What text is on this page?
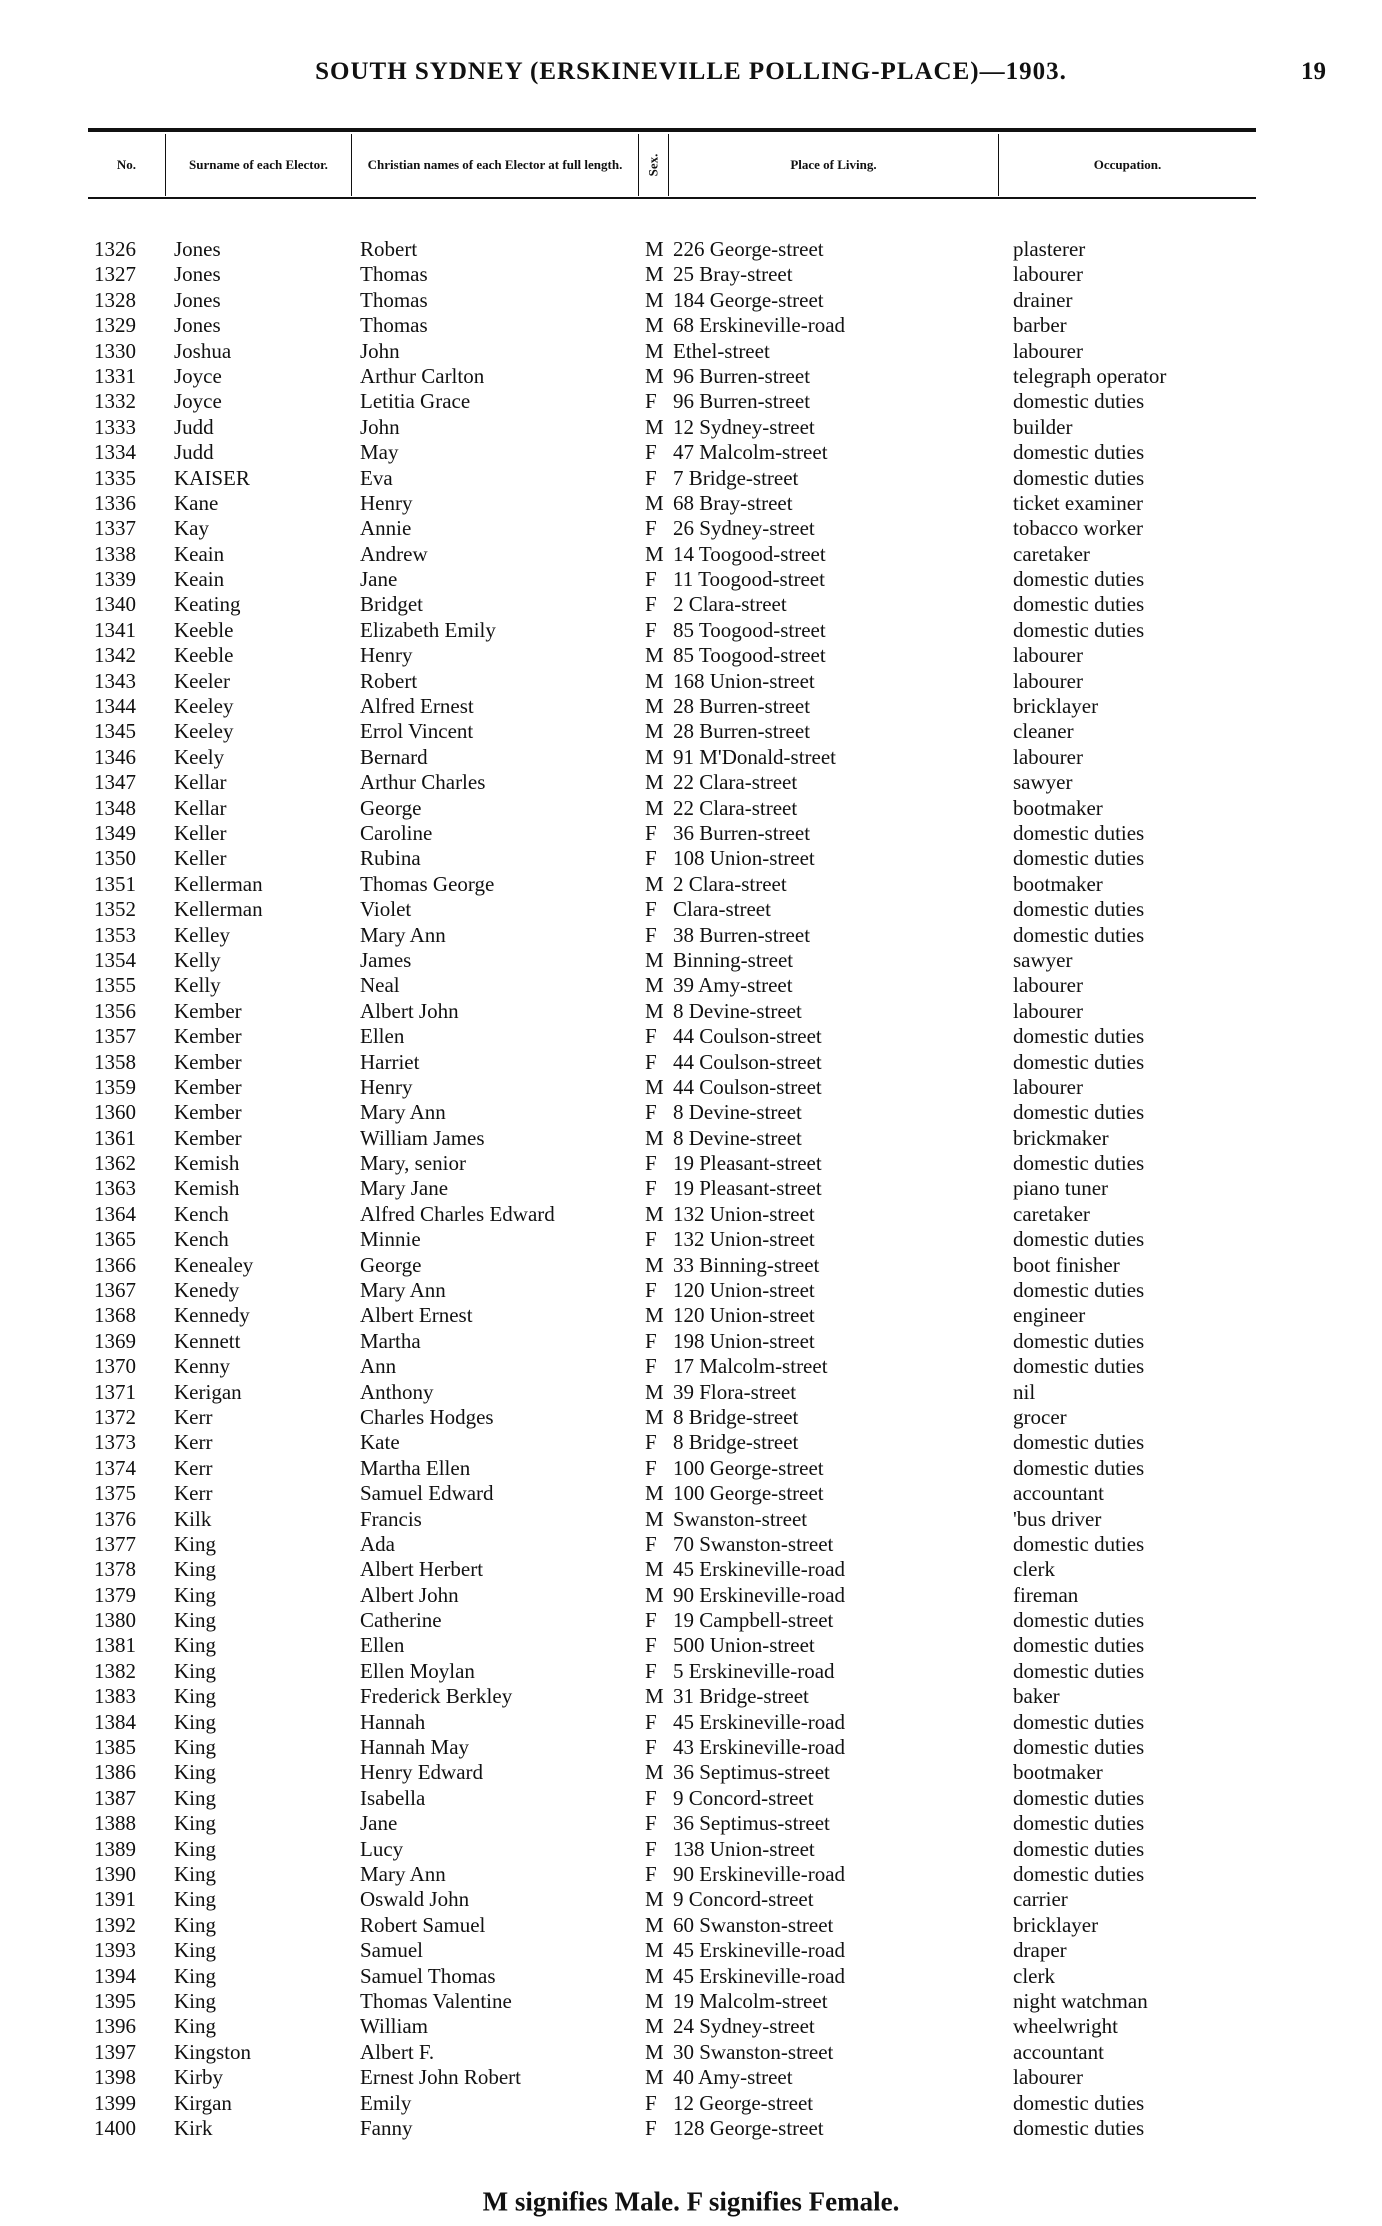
SOUTH SYDNEY (ERSKINEVILLE POLLING-PLACE)—1903.	19
No.	Surname of each Elector.	Christian names of each Elector at full length.	Sex.	Place of Living.	Occupation.
1326 Jones	Robert	M 226 George-street	plasterer
1327 Jones	Thomas	M 25 Bray-street	labourer
1328 Jones	Thomas	M 184 George-street	drainer
1329 Jones	Thomas	M 68 Erskineville-road	barber
1330 Joshua	John	M Ethel-street	labourer
1331 Joyce	Arthur Carlton	M 96 Burren-street	telegraph operator
1332 Joyce	Letitia Grace	F 96 Burren-street	domestic duties
1333 Judd	John	M 12 Sydney-street	builder
1334 Judd	May	F 47 Malcolm-street	domestic duties
1335 KAISER	Eva	F 7 Bridge-street	domestic duties
1336 Kane	Henry	M 68 Bray-street	ticket examiner
1337 Kay	Annie	F 26 Sydney-street	tobacco worker
1338 Keain	Andrew	M 14 Toogood-street	caretaker
1339 Keain	Jane	F 11 Toogood-street	domestic duties
1340 Keating	Bridget	F 2 Clara-street	domestic duties
1341 Keeble	Elizabeth Emily	F 85 Toogood-street	domestic duties
1342 Keeble	Henry	M 85 Toogood-street	labourer
1343 Keeler	Robert	M 168 Union-street	labourer
1344 Keeley	Alfred Ernest	M 28 Burren-street	bricklayer
1345 Keeley	Errol Vincent	M 28 Burren-street	cleaner
1346 Keely	Bernard	M 91 M'Donald-street	labourer
1347 Kellar	Arthur Charles	M 22 Clara-street	sawyer
1348 Kellar	George	M 22 Clara-street	bootmaker
1349 Keller	Caroline	F 36 Burren-street	domestic duties
1350 Keller	Rubina	F 108 Union-street	domestic duties
1351 Kellerman	Thomas George	M 2 Clara-street	bootmaker
1352 Kellerman	Violet	F Clara-street	domestic duties
1353 Kelley	Mary Ann	F 38 Burren-street	domestic duties
1354 Kelly	James	M Binning-street	sawyer
1355 Kelly	Neal	M 39 Amy-street	labourer
1356 Kember	Albert John	M 8 Devine-street	labourer
1357 Kember	Ellen	F 44 Coulson-street	domestic duties
1358 Kember	Harriet	F 44 Coulson-street	domestic duties
1359 Kember	Henry	M 44 Coulson-street	labourer
1360 Kember	Mary Ann	F 8 Devine-street	domestic duties
1361 Kember	William James	M 8 Devine-street	brickmaker
1362 Kemish	Mary, senior	F 19 Pleasant-street	domestic duties
1363 Kemish	Mary Jane	F 19 Pleasant-street	piano tuner
1364 Kench	Alfred Charles Edward	M 132 Union-street	caretaker
1365 Kench	Minnie	F 132 Union-street	domestic duties
1366 Kenealey	George	M 33 Binning-street	boot finisher
1367 Kenedy	Mary Ann	F 120 Union-street	domestic duties
1368 Kennedy	Albert Ernest	M 120 Union-street	engineer
1369 Kennett	Martha	F 198 Union-street	domestic duties
1370 Kenny	Ann	F 17 Malcolm-street	domestic duties
1371 Kerigan	Anthony	M 39 Flora-street	nil
1372 Kerr	Charles Hodges	M 8 Bridge-street	grocer
1373 Kerr	Kate	F 8 Bridge-street	domestic duties
1374 Kerr	Martha Ellen	F 100 George-street	domestic duties
1375 Kerr	Samuel Edward	M 100 George-street	accountant
1376 Kilk	Francis	M Swanston-street	'bus driver
1377 King	Ada	F 70 Swanston-street	domestic duties
1378 King	Albert Herbert	M 45 Erskineville-road	clerk
1379 King	Albert John	M 90 Erskineville-road	fireman
1380 King	Catherine	F 19 Campbell-street	domestic duties
1381 King	Ellen	F 500 Union-street	domestic duties
1382 King	Ellen Moylan	F 5 Erskineville-road	domestic duties
1383 King	Frederick Berkley	M 31 Bridge-street	baker
1384 King	Hannah	F 45 Erskineville-road	domestic duties
1385 King	Hannah May	F 43 Erskineville-road	domestic duties
1386 King	Henry Edward	M 36 Septimus-street	bootmaker
1387 King	Isabella	F 9 Concord-street	domestic duties
1388 King	Jane	F 36 Septimus-street	domestic duties
1389 King	Lucy	F 138 Union-street	domestic duties
1390 King	Mary Ann	F 90 Erskineville-road	domestic duties
1391 King	Oswald John	M 9 Concord-street	carrier
1392 King	Robert Samuel	M 60 Swanston-street	bricklayer
1393 King	Samuel	M 45 Erskineville-road	draper
1394 King	Samuel Thomas	M 45 Erskineville-road	clerk
1395 King	Thomas Valentine	M 19 Malcolm-street	night watchman
1396 King	William	M 24 Sydney-street	wheelwright
1397 Kingston	Albert F.	M 30 Swanston-street	accountant
1398 Kirby	Ernest John Robert	M 40 Amy-street	labourer
1399 Kirgan	Emily	F 12 George-street	domestic duties
1400 Kirk	Fanny	F 128 George-street	domestic duties
M signifies Male. F signifies Female.
